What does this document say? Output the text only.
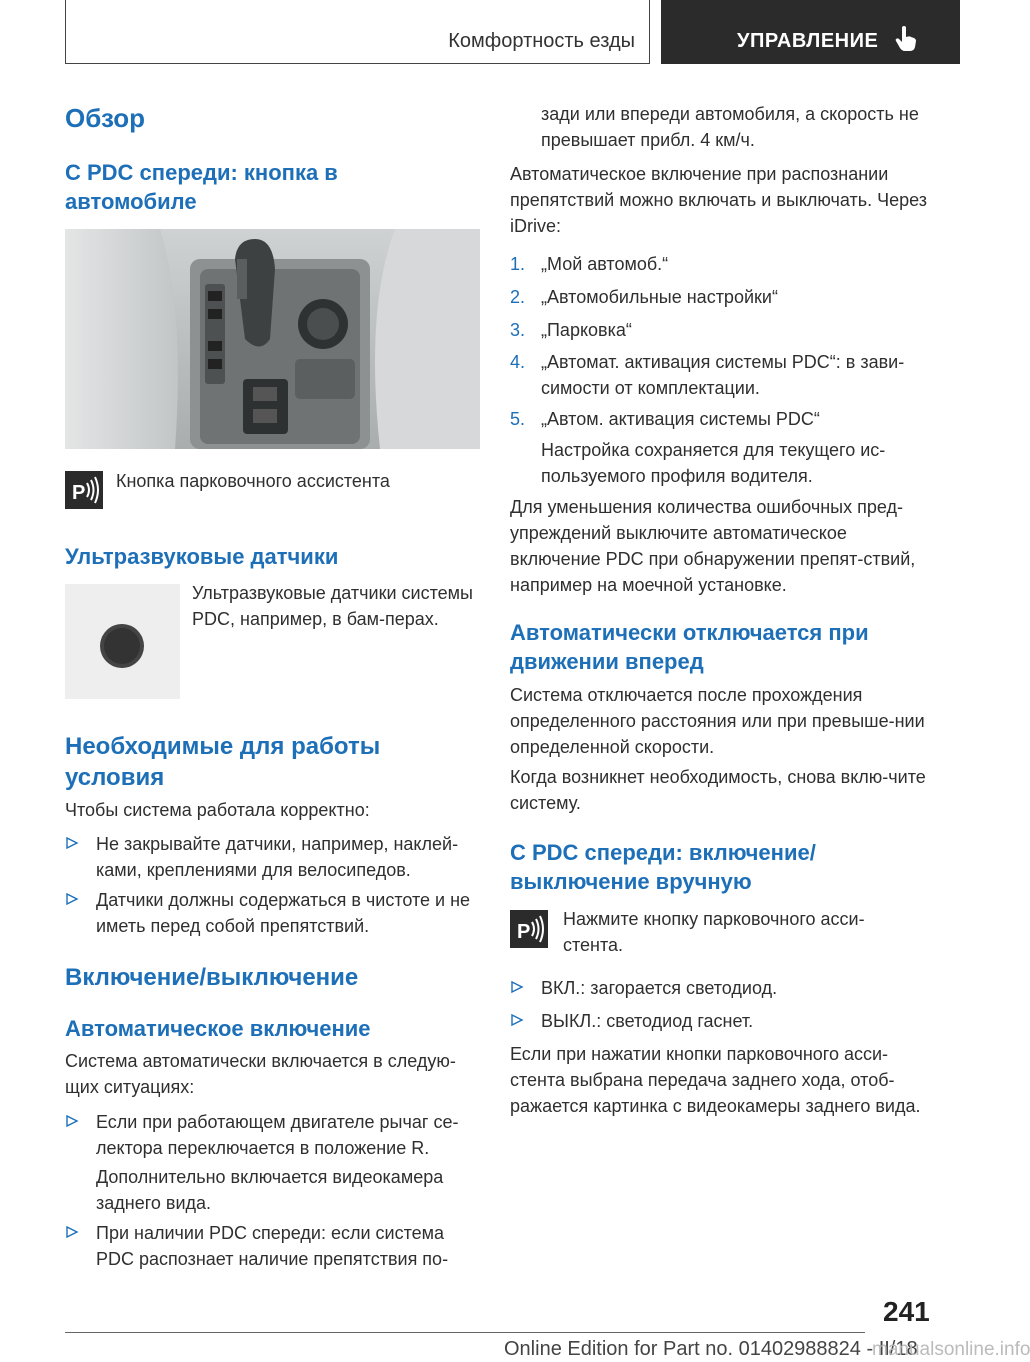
Комфортность езды	УПРАВЛЕНИЕ
Обзор
С PDC спереди: кнопка в автомобиле
P

Кнопка парковочного ассистента

Ультразвуковые датчики

Ультразвуковые датчики системы PDC, например, в бам-перах.

Необходимые для работы условия

Чтобы система работала корректно:

Не закрывайте датчики, например, наклей-ками, креплениями для велосипедов.
Датчики должны содержаться в чистоте и не иметь перед собой препятствий.
Включение/выключение
Автоматическое включение

Система автоматически включается в следую-щих ситуациях:

Если при работающем двигателе рычаг се-лектора переключается в положение R.

Дополнительно включается видеокамера заднего вида.

При наличии PDC спереди: если система PDC распознает наличие препятствия по-

зади или впереди автомобиля, а скорость не превышает прибл. 4 км/ч.

Автоматическое включение при распознании препятствий можно включать и выключать. Через iDrive:

1. „Мой автомоб.“
2. „Автомобильные настройки“
3. „Парковка“
4. „Автомат. активация системы PDC“: в зави-симости от комплектации.
5. „Автом. активация системы PDC“

Настройка сохраняется для текущего ис-пользуемого профиля водителя.

Для уменьшения количества ошибочных пред-упреждений выключите автоматическое включение PDC при обнаружении препят-ствий, например на моечной установке.

Автоматически отключается при движении вперед

Система отключается после прохождения определенного расстояния или при превыше-нии определенной скорости.

Когда возникнет необходимость, снова вклю-чите систему.

С PDC спереди: включение/выключение вручную
P

Нажмите кнопку парковочного асси-стента.

ВКЛ.: загорается светодиод.
ВЫКЛ.: светодиод гаснет.

Если при нажатии кнопки парковочного асси-стента выбрана передача заднего хода, отоб-ражается картинка с видеокамеры заднего вида.

241
Online Edition for Part no. 01402988824 - II/18
manualsonline.info
